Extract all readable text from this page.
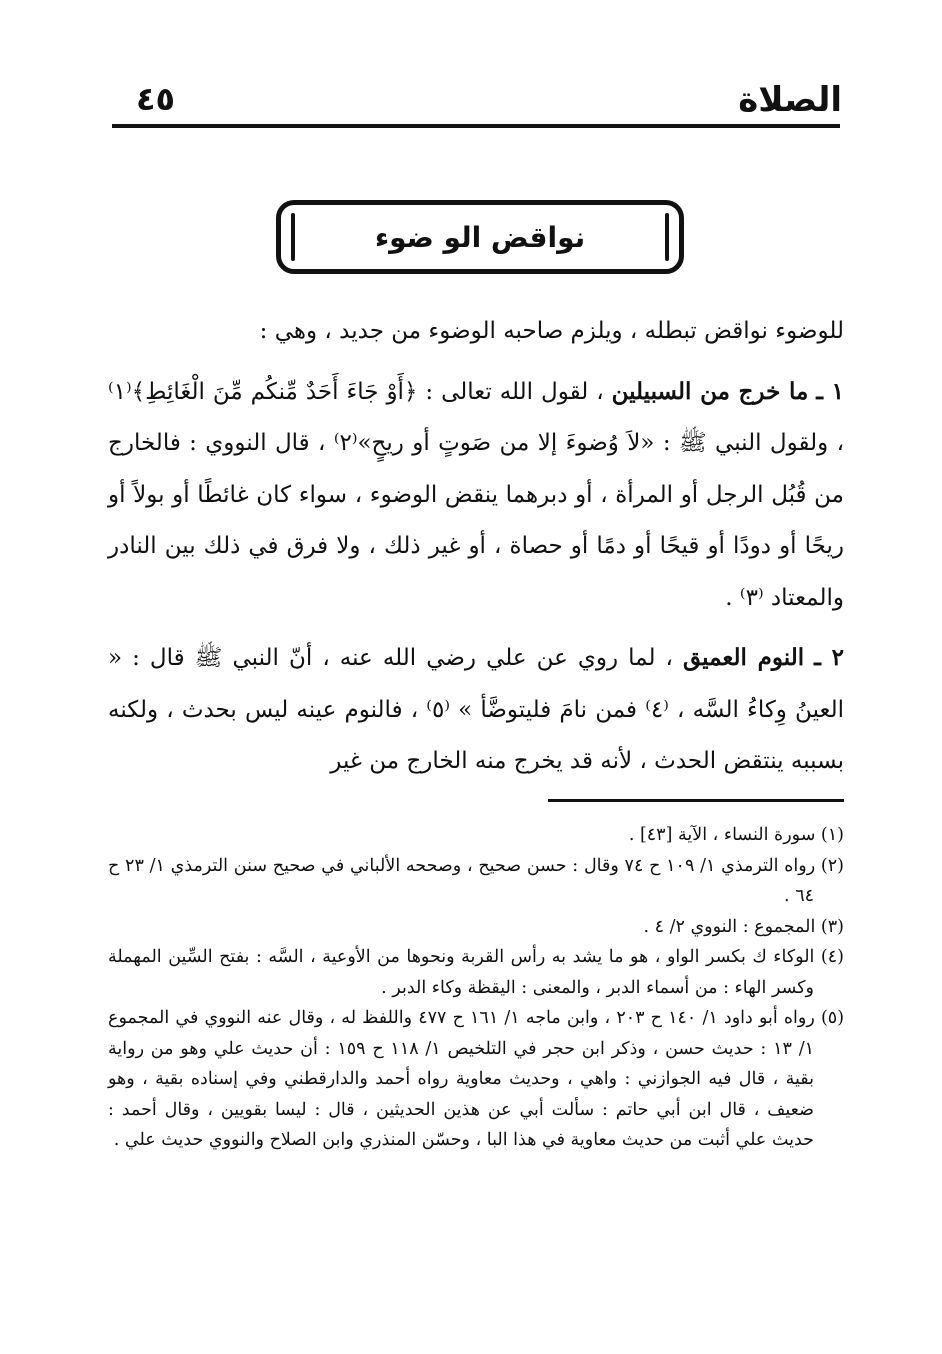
الصلاة
٤٥
نواقض الو ضوء

للوضوء نواقض تبطله ، ويلزم صاحبه الوضوء من جديد ، وهي :

١ ـ ما خرج من السبيلين ، لقول الله تعالى : ﴿أَوْ جَاءَ أَحَدٌ مِّنكُم مِّنَ الْغَائِطِ﴾⁽١⁾ ، ولقول النبي ﷺ : «لاَ وُضوءَ إلا من صَوتٍ أو ريحٍ»⁽٢⁾ ، قال النووي : فالخارج من قُبُل الرجل أو المرأة ، أو دبرهما ينقض الوضوء ، سواء كان غائطًا أو بولاً أو ريحًا أو دودًا أو قيحًا أو دمًا أو حصاة ، أو غير ذلك ، ولا فرق في ذلك بين النادر والمعتاد ⁽٣⁾ .

٢ ـ النوم العميق ، لما روي عن علي رضي الله عنه ، أنّ النبي ﷺ قال : « العينُ وِكاءُ السَّه ، ⁽٤⁾ فمن نامَ فليتوضَّأ » ⁽٥⁾ ، فالنوم عينه ليس بحدث ، ولكنه بسببه ينتقض الحدث ، لأنه قد يخرج منه الخارج من غير

(١) سورة النساء ، الآية [٤٣] .

(٢) رواه الترمذي ١/ ١٠٩ ح ٧٤ وقال : حسن صحيح ، وصححه الألباني في صحيح سنن الترمذي ١/ ٢٣ ح ٦٤ .

(٣) المجموع : النووي ٢/ ٤ .

(٤) الوكاء ك بكسر الواو ، هو ما يشد به رأس القربة ونحوها من الأوعية ، السَّه : بفتح السِّين المهملة وكسر الهاء : من أسماء الدبر ، والمعنى : اليقظة وكاء الدبر .

(٥) رواه أبو داود ١/ ١٤٠ ح ٢٠٣ ، وابن ماجه ١/ ١٦١ ح ٤٧٧ واللفظ له ، وقال عنه النووي في المجموع ١/ ١٣ : حديث حسن ، وذكر ابن حجر في التلخيص ١/ ١١٨ ح ١٥٩ : أن حديث علي وهو من رواية بقية ، قال فيه الجوازني : واهي ، وحديث معاوية رواه أحمد والدارقطني وفي إسناده بقية ، وهو ضعيف ، قال ابن أبي حاتم : سألت أبي عن هذين الحديثين ، قال : ليسا بقويين ، وقال أحمد : حديث علي أثبت من حديث معاوية في هذا البا ، وحسّن المنذري وابن الصلاح والنووي حديث علي .
